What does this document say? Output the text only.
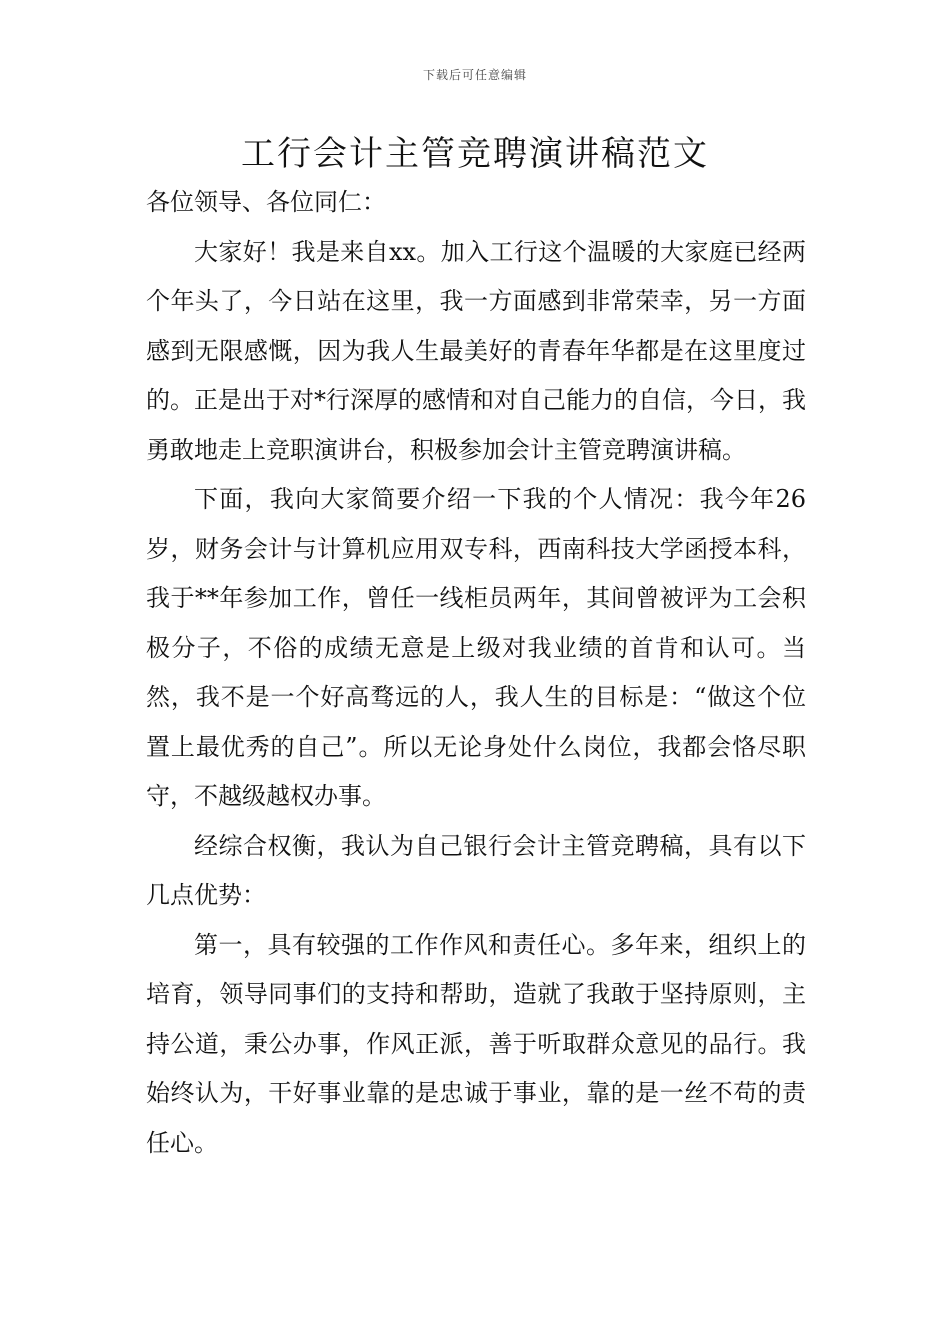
下载后可任意编辑
工行会计主管竞聘演讲稿范文

各位领导、各位同仁：

大家好！我是来自xx。加入工行这个温暖的大家庭已经两个年头了，今日站在这里，我一方面感到非常荣幸，另一方面感到无限感慨，因为我人生最美好的青春年华都是在这里度过的。正是出于对*行深厚的感情和对自己能力的自信，今日，我勇敢地走上竞职演讲台，积极参加会计主管竞聘演讲稿。

下面，我向大家简要介绍一下我的个人情况：我今年26岁，财务会计与计算机应用双专科，西南科技大学函授本科，我于**年参加工作，曾任一线柜员两年，其间曾被评为工会积极分子，不俗的成绩无意是上级对我业绩的首肯和认可。当然，我不是一个好高骛远的人，我人生的目标是：“做这个位置上最优秀的自己”。所以无论身处什么岗位，我都会恪尽职守，不越级越权办事。

经综合权衡，我认为自己银行会计主管竞聘稿，具有以下几点优势：

第一，具有较强的工作作风和责任心。多年来，组织上的培育，领导同事们的支持和帮助，造就了我敢于坚持原则，主持公道，秉公办事，作风正派，善于听取群众意见的品行。我始终认为，干好事业靠的是忠诚于事业，靠的是一丝不苟的责任心。
